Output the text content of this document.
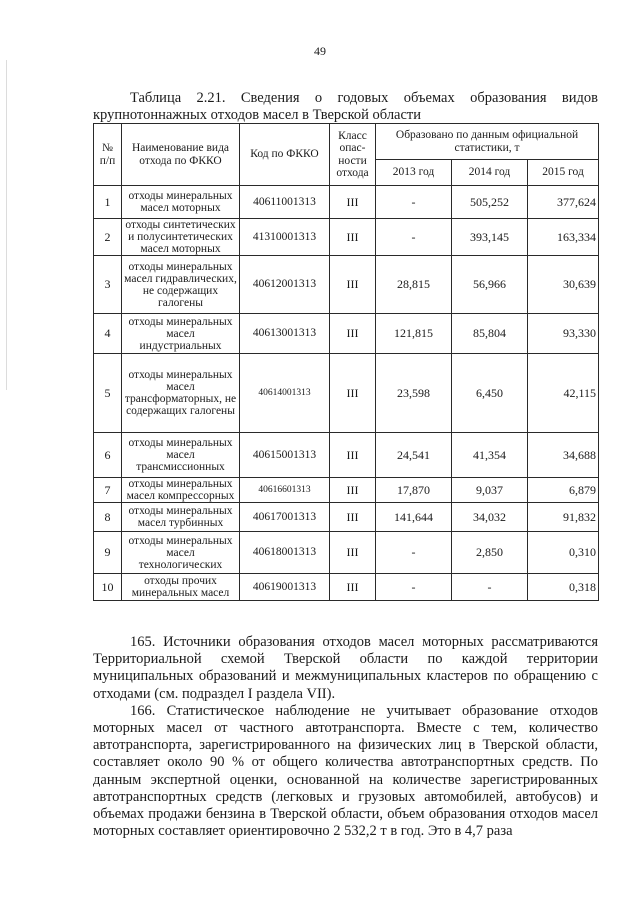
49
Таблица 2.21. Сведения о годовых объемах образования видов
крупнотоннажных отходов масел в Тверской области
№ п/п	Наименование вида отхода по ФККО	Код по ФККО	Класс опас-ности отхода	Образовано по данным официальной статистики, т		
				2013 год	2014 год	2015 год
1	отходы минеральных масел моторных	40611001313	III	-	505,252	377,624
2	отходы синтетических и полусинтетических масел моторных	41310001313	III	-	393,145	163,334
3	отходы минеральных масел гидравлических, не содержащих галогены	40612001313	III	28,815	56,966	30,639
4	отходы минеральных масел индустриальных	40613001313	III	121,815	85,804	93,330
5	отходы минеральных масел трансформаторных, не содержащих галогены	40614001313	III	23,598	6,450	42,115
6	отходы минеральных масел трансмиссионных	40615001313	III	24,541	41,354	34,688
7	отходы минеральных масел компрессорных	40616601313	III	17,870	9,037	6,879
8	отходы минеральных масел турбинных	40617001313	III	141,644	34,032	91,832
9	отходы минеральных масел технологических	40618001313	III	-	2,850	0,310
10	отходы прочих минеральных масел	40619001313	III	-	-	0,318

165. Источники образования отходов масел моторных рассматриваются Территориальной схемой Тверской области по каждой территории муниципальных образований и межмуниципальных кластеров по обращению с отходами (см. подраздел I раздела VII).

166. Статистическое наблюдение не учитывает образование отходов моторных масел от частного автотранспорта. Вместе с тем, количество автотранспорта, зарегистрированного на физических лиц в Тверской области, составляет около 90 % от общего количества автотранспортных средств. По данным экспертной оценки, основанной на количестве зарегистрированных автотранспортных средств (легковых и грузовых автомобилей, автобусов) и объемах продажи бензина в Тверской области, объем образования отходов масел моторных составляет ориентировочно 2 532,2 т в год. Это в 4,7 раза
